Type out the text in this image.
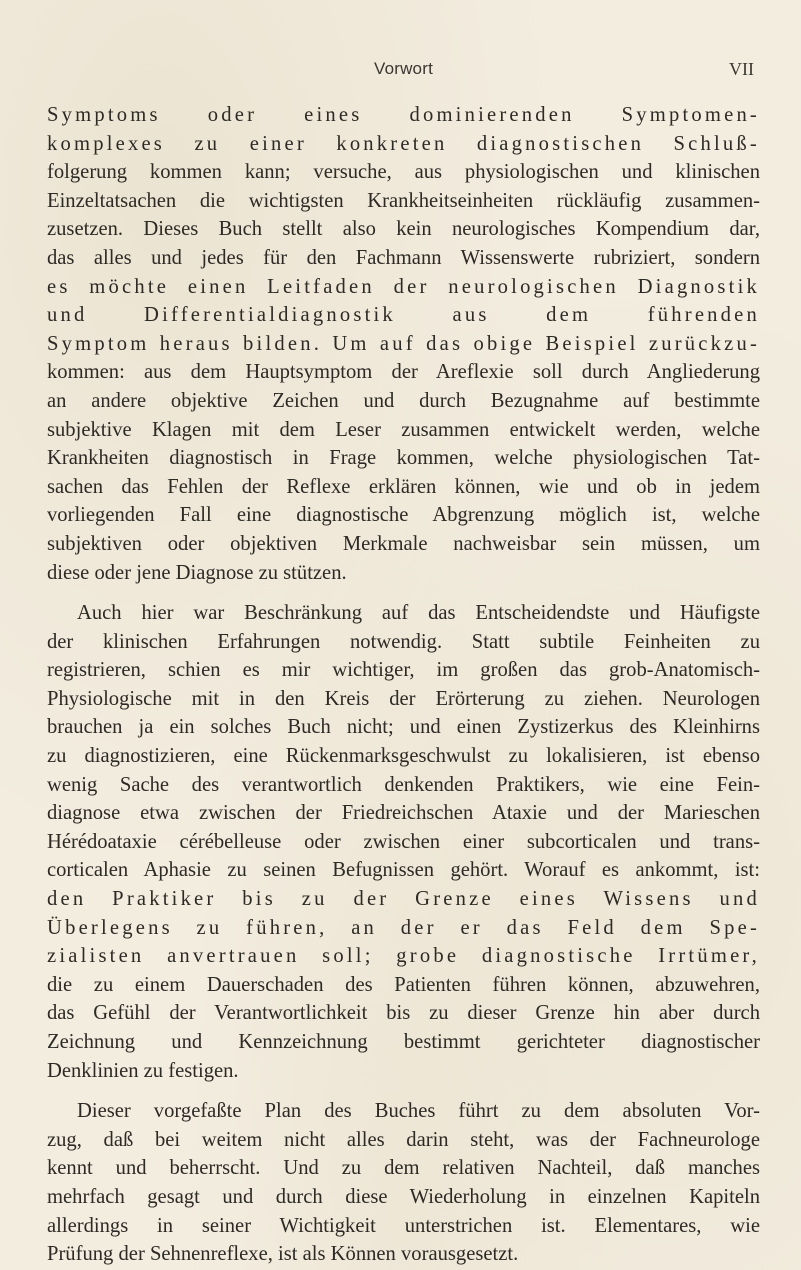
Vorwort	VII
Symptoms oder eines dominierenden Symptomen-
komplexes zu einer konkreten diagnostischen Schluß-
folgerung kommen kann; versuche, aus physiologischen und klinischen
Einzeltatsachen die wichtigsten Krankheitseinheiten rückläufig zusammen-
zusetzen. Dieses Buch stellt also kein neurologisches Kompendium dar,
das alles und jedes für den Fachmann Wissenswerte rubriziert, sondern
es möchte einen Leitfaden der neurologischen Diagnostik
und Differentialdiagnostik aus dem führenden
Symptom heraus bilden. Um auf das obige Beispiel zurückzu-
kommen: aus dem Hauptsymptom der Areflexie soll durch Angliederung
an andere objektive Zeichen und durch Bezugnahme auf bestimmte
subjektive Klagen mit dem Leser zusammen entwickelt werden, welche
Krankheiten diagnostisch in Frage kommen, welche physiologischen Tat-
sachen das Fehlen der Reflexe erklären können, wie und ob in jedem
vorliegenden Fall eine diagnostische Abgrenzung möglich ist, welche
subjektiven oder objektiven Merkmale nachweisbar sein müssen, um
diese oder jene Diagnose zu stützen.
Auch hier war Beschränkung auf das Entscheidendste und Häufigste
der klinischen Erfahrungen notwendig. Statt subtile Feinheiten zu
registrieren, schien es mir wichtiger, im großen das grob-Anatomisch-
Physiologische mit in den Kreis der Erörterung zu ziehen. Neurologen
brauchen ja ein solches Buch nicht; und einen Zystizerkus des Kleinhirns
zu diagnostizieren, eine Rückenmarksgeschwulst zu lokalisieren, ist ebenso
wenig Sache des verantwortlich denkenden Praktikers, wie eine Fein-
diagnose etwa zwischen der Friedreichschen Ataxie und der Marieschen
Hérédoataxie cérébelleuse oder zwischen einer subcorticalen und trans-
corticalen Aphasie zu seinen Befugnissen gehört. Worauf es ankommt, ist:
den Praktiker bis zu der Grenze eines Wissens und
Überlegens zu führen, an der er das Feld dem Spe-
zialisten anvertrauen soll; grobe diagnostische Irrtümer,
die zu einem Dauerschaden des Patienten führen können, abzuwehren,
das Gefühl der Verantwortlichkeit bis zu dieser Grenze hin aber durch
Zeichnung und Kennzeichnung bestimmt gerichteter diagnostischer
Denklinien zu festigen.
Dieser vorgefaßte Plan des Buches führt zu dem absoluten Vor-
zug, daß bei weitem nicht alles darin steht, was der Fachneurologe
kennt und beherrscht. Und zu dem relativen Nachteil, daß manches
mehrfach gesagt und durch diese Wiederholung in einzelnen Kapiteln
allerdings in seiner Wichtigkeit unterstrichen ist. Elementares, wie
Prüfung der Sehnenreflexe, ist als Können vorausgesetzt.
